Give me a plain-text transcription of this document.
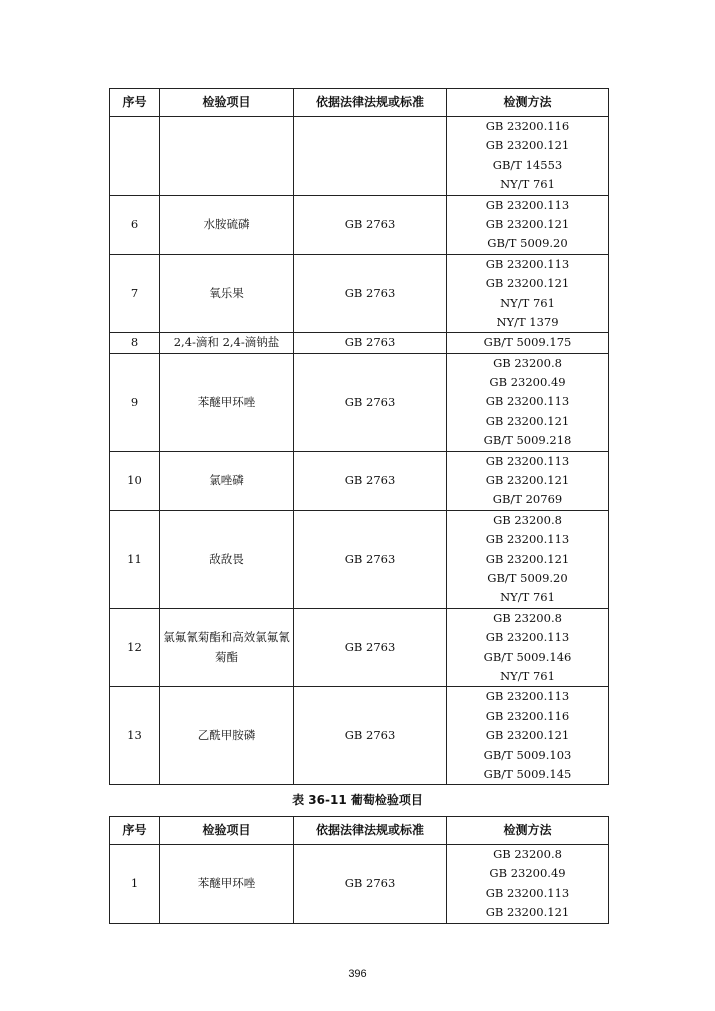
序号	检验项目	依据法律法规或标准	检测方法

			GB 23200.116
GB 23200.121
GB/T 14553
NY/T 761

6	水胺硫磷	GB 2763	GB 23200.113
GB 23200.121
GB/T 5009.20

7	氧乐果	GB 2763	GB 23200.113
GB 23200.121
NY/T 761
NY/T 1379

8	2,4-滴和 2,4-滴钠盐	GB 2763	GB/T 5009.175

9	苯醚甲环唑	GB 2763	GB 23200.8
GB 23200.49
GB 23200.113
GB 23200.121
GB/T 5009.218

10	氯唑磷	GB 2763	GB 23200.113
GB 23200.121
GB/T 20769

11	敌敌畏	GB 2763	GB 23200.8
GB 23200.113
GB 23200.121
GB/T 5009.20
NY/T 761

12	氯氟氰菊酯和高效氯氟氰菊酯	GB 2763	GB 23200.8
GB 23200.113
GB/T 5009.146
NY/T 761

13	乙酰甲胺磷	GB 2763	GB 23200.113
GB 23200.116
GB 23200.121
GB/T 5009.103
GB/T 5009.145
表 36-11 葡萄检验项目
序号	检验项目	依据法律法规或标准	检测方法
1	苯醚甲环唑	GB 2763	GB 23200.8
GB 23200.49
GB 23200.113
GB 23200.121
396
